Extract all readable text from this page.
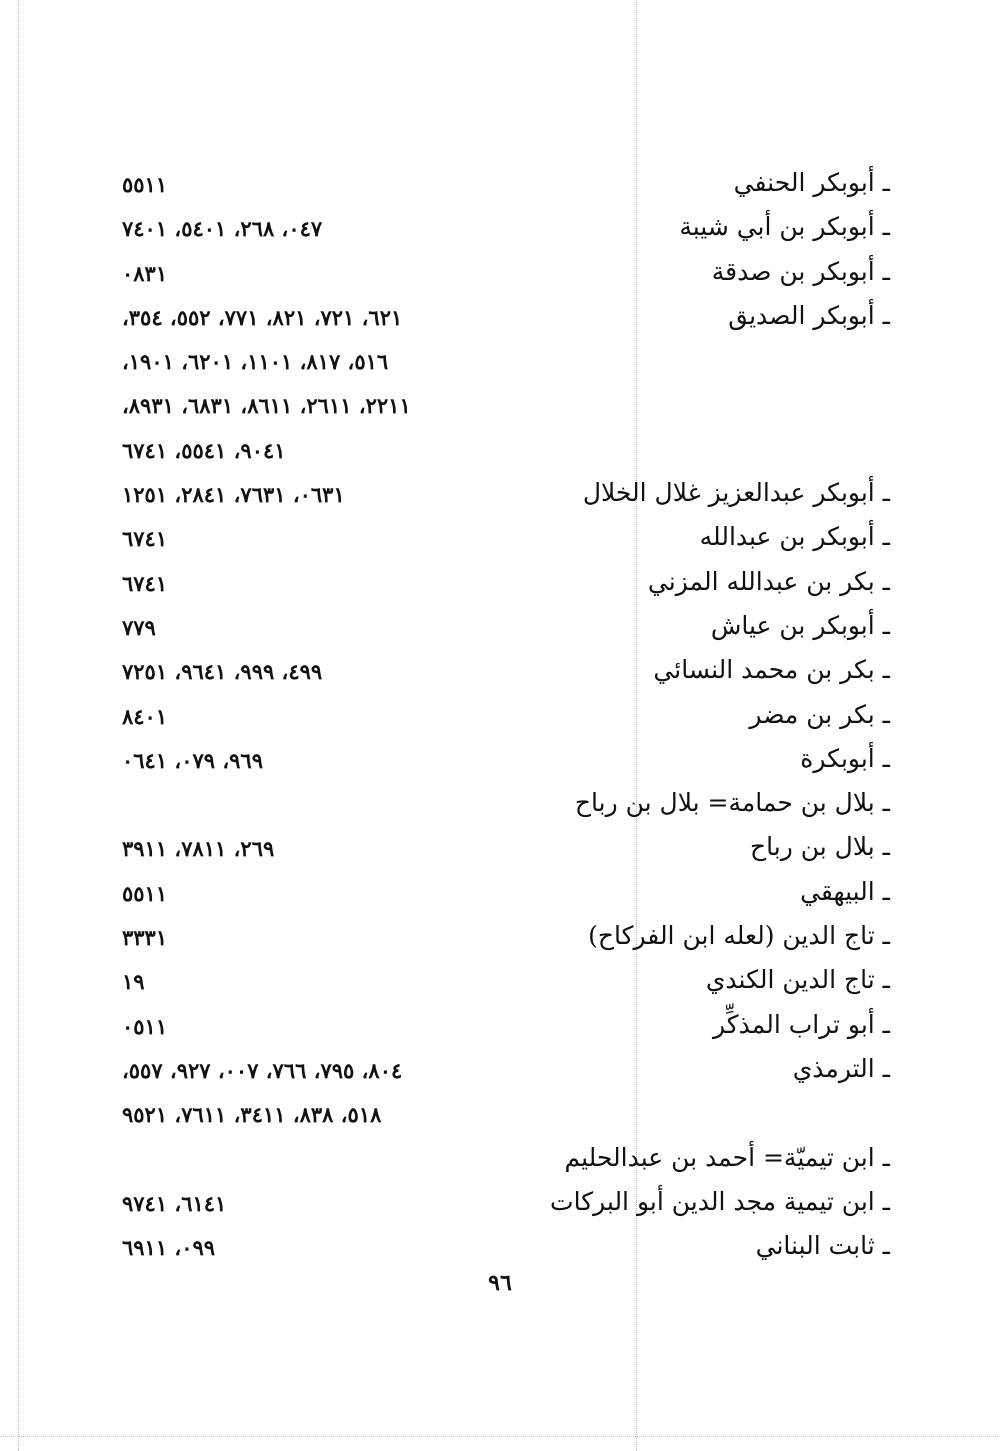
١١٥٥	ـ أبوبكر الحنفي
٧٤٠، ٨٦٢، ١٠٤٥، ١٠٤٧	ـ أبوبكر بن أبي شيبة
١٣٨٠	ـ أبوبكر بن صدقة
١٢٦، ١٢٧، ١٢٨، ١٧٧، ٢٥٥، ٤٥٣،	ـ أبوبكر الصديق
٦١٥، ٧١٨، ١٠١١، ١٠٢٦، ١٠٩١،
١١٢٢، ١١٦٢، ١١٦٨، ١٣٨٦، ١٣٩٨،
١٤٠٩، ١٤٥٥، ١٤٧٦
١٣٦٠، ١٣٦٧، ١٤٨٢، ١٥٢١	ـ أبوبكر عبدالعزيز غلال الخلال
١٤٧٦	ـ أبوبكر بن عبدالله
١٤٧٦	ـ بكر بن عبدالله المزني
٩٧٧	ـ أبوبكر بن عياش
٩٩٤، ٩٩٩، ١٤٦٩، ١٥٢٧	ـ بكر بن محمد النسائي
١٠٤٨	ـ بكر بن مضر
٩٦٩، ٩٧٠، ١٤٦٠	ـ أبوبكرة
ـ بلال بن حمامة= بلال بن رباح
٩٦٢، ١١٨٧، ١١٩٣	ـ بلال بن رباح
١١٥٥	ـ البيهقي
١٣٣٣	ـ تاج الدين (لعله ابن الفركاح)
٩١	ـ تاج الدين الكندي
١١٥٠	ـ أبو تراب المذكِّر
٤٠٨، ٥٩٧، ٦٦٧، ٧٠٠، ٧٢٩، ٧٥٥،	ـ الترمذي
٨١٥، ٨٣٨، ١١٤٣، ١١٦٧، ١٢٥٩
ـ ابن تيميّة= أحمد بن عبدالحليم
١٤١٦، ١٤٧٩	ـ ابن تيمية مجد الدين أبو البركات
٩٩٠، ١١٩٦	ـ ثابت البناني
٩٦
